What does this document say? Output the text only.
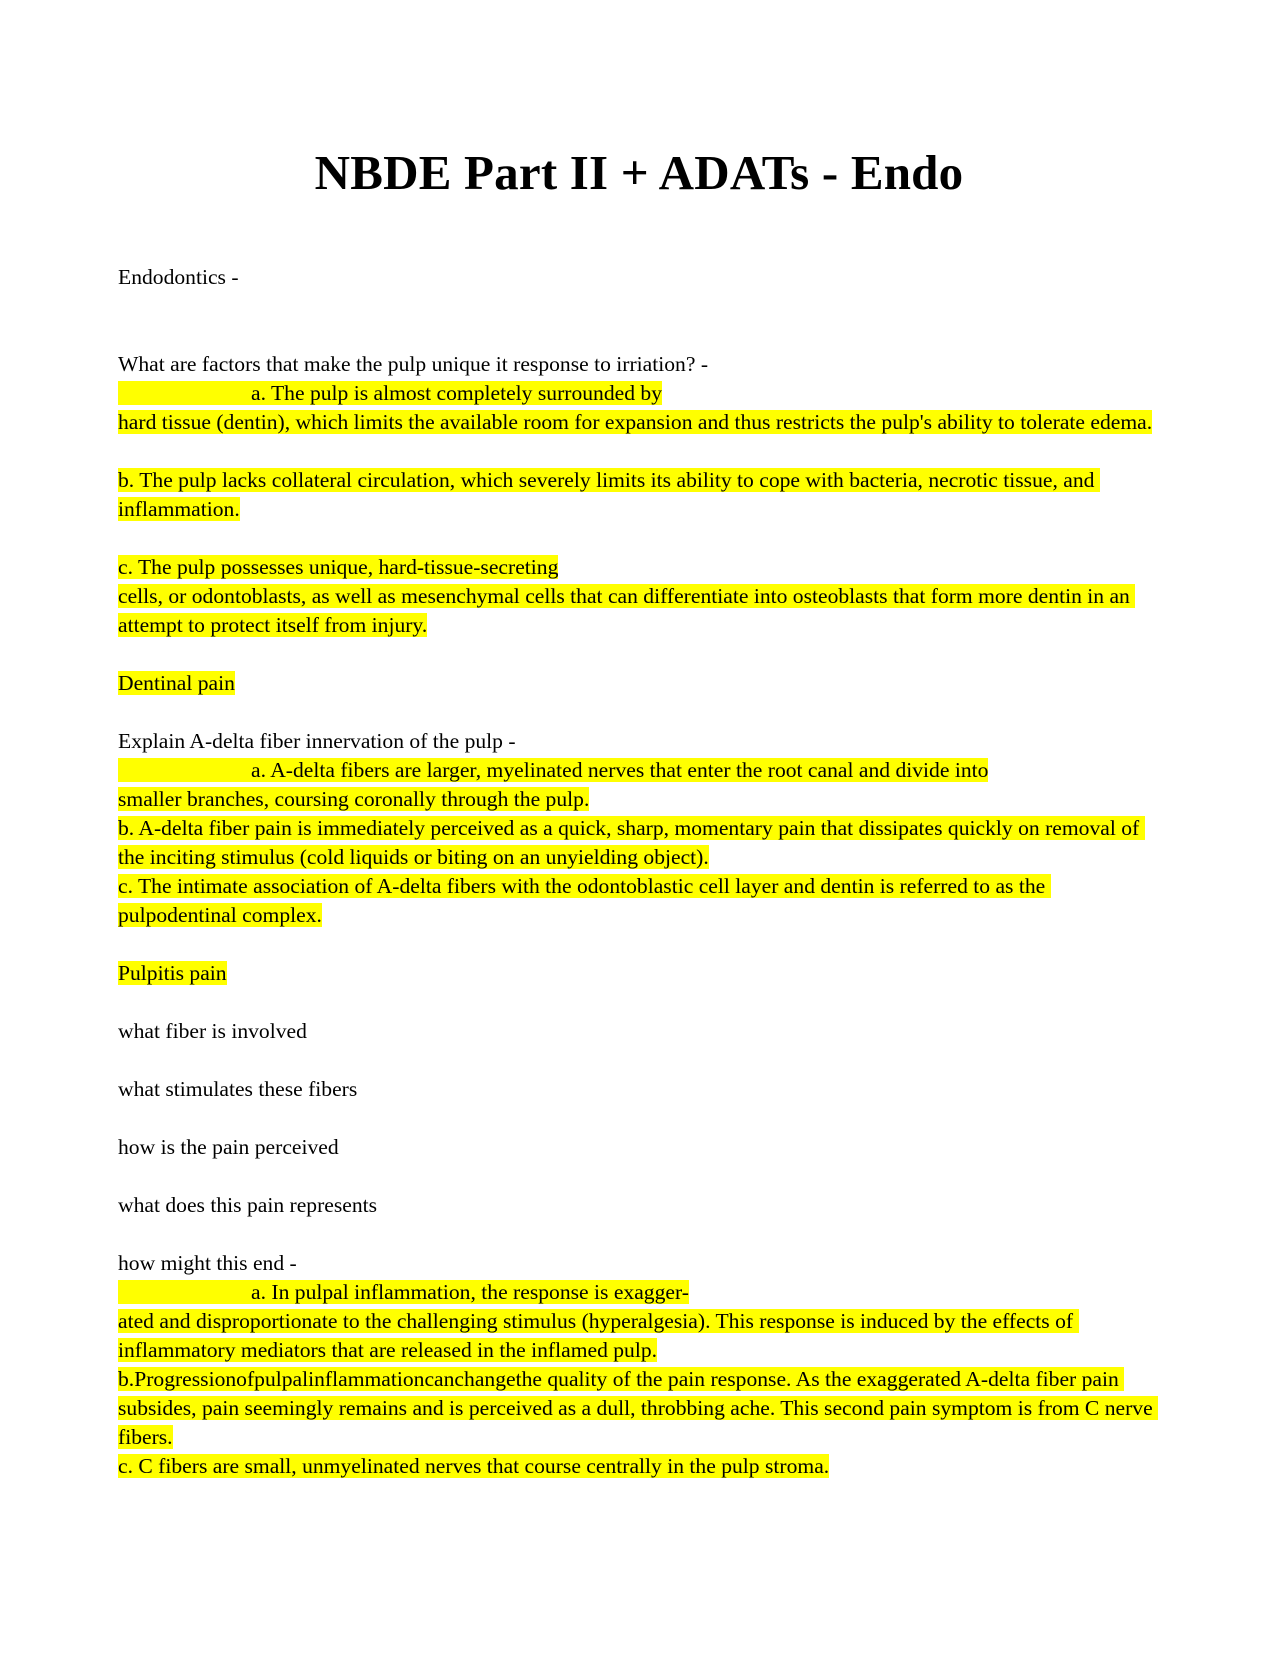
NBDE Part II + ADATs - Endo
Endodontics -
What are factors that make the pulp unique it response to irriation? -
a. The pulp is almost completely surrounded by
hard tissue (dentin), which limits the available room for expansion and thus restricts the pulp's ability to tolerate edema.
b. The pulp lacks collateral circulation, which severely limits its ability to cope with bacteria, necrotic tissue, and inflammation.
c. The pulp possesses unique, hard-tissue-secreting
cells, or odontoblasts, as well as mesenchymal cells that can differentiate into osteoblasts that form more dentin in an attempt to protect itself from injury.
Dentinal pain
Explain A-delta fiber innervation of the pulp -
a. A-delta fibers are larger, myelinated nerves that enter the root canal and divide into
smaller branches, coursing coronally through the pulp.
b. A-delta fiber pain is immediately perceived as a quick, sharp, momentary pain that dissipates quickly on removal of the inciting stimulus (cold liquids or biting on an unyielding object).
c. The intimate association of A-delta fibers with the odontoblastic cell layer and dentin is referred to as the pulpodentinal complex.
Pulpitis pain
what fiber is involved
what stimulates these fibers
how is the pain perceived
what does this pain represents
how might this end -
a. In pulpal inflammation, the response is exagger-
ated and disproportionate to the challenging stimulus (hyperalgesia). This response is induced by the effects of inflammatory mediators that are released in the inflamed pulp.
b.Progressionofpulpalinflammationcanchangethe quality of the pain response. As the exaggerated A-delta fiber pain subsides, pain seemingly remains and is perceived as a dull, throbbing ache. This second pain symptom is from C nerve fibers.
c. C fibers are small, unmyelinated nerves that course centrally in the pulp stroma.
